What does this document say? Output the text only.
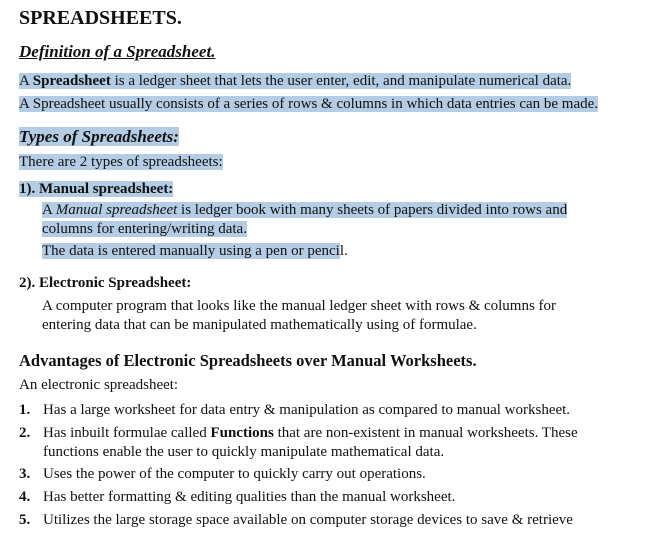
SPREADSHEETS.
Definition of a Spreadsheet.
A Spreadsheet is a ledger sheet that lets the user enter, edit, and manipulate numerical data.
A Spreadsheet usually consists of a series of rows & columns in which data entries can be made.
Types of Spreadsheets:
There are 2 types of spreadsheets:
1). Manual spreadsheet:
A Manual spreadsheet is ledger book with many sheets of papers divided into rows and
columns for entering/writing data.
The data is entered manually using a pen or pencil.
2). Electronic Spreadsheet:
A computer program that looks like the manual ledger sheet with rows & columns for
entering data that can be manipulated mathematically using of formulae.
Advantages of Electronic Spreadsheets over Manual Worksheets.
An electronic spreadsheet:
1. Has a large worksheet for data entry & manipulation as compared to manual worksheet.
2. Has inbuilt formulae called Functions that are non-existent in manual worksheets. These
functions enable the user to quickly manipulate mathematical data.
3. Uses the power of the computer to quickly carry out operations.
4. Has better formatting & editing qualities than the manual worksheet.
5. Utilizes the large storage space available on computer storage devices to save & retrieve
